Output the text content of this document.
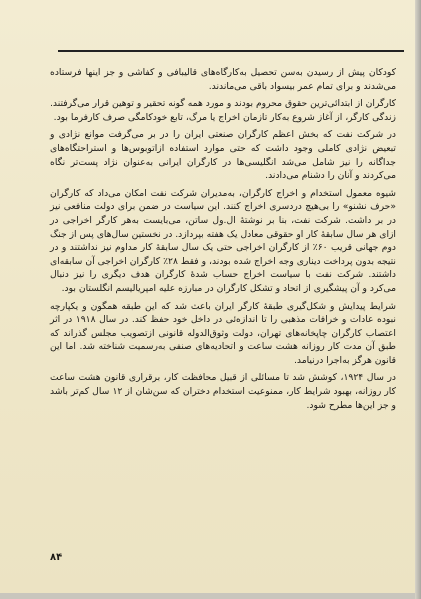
کودکان پیش از رسیدن به‌سن تحصیل به‌کارگاه‌های قالیبافی و کفاشی و جز اینها فرستاده می‌شدند و برای تمام عمر بیسواد باقی می‌ماندند.

کارگران از ابتدائی‌ترین حقوق محروم بودند و مورد همه گونه تحقیر و توهین قرار می‌گرفتند. زندگی کارگر، از آغاز شروع به‌کار تازمان اخراج یا مرگ، تابع خودکامگی صرف کارفرما بود.

در شرکت نفت که بخش اعظم کارگران صنعتی ایران را در بر می‌گرفت موانع نژادی و تبعیض نژادی کاملی وجود داشت که حتی موارد استفاده ازاتوبوس‌ها و استراحتگاه‌های جداگانه را نیز شامل می‌شد انگلیسی‌ها در کارگران ایرانی به‌عنوان نژاد پست‌تر نگاه می‌کردند و آنان را دشنام می‌دادند.

شیوه معمول استخدام و اخراج کارگران، به‌مدیران شرکت نفت امکان می‌داد که کارگران «حرف نشنو» را بی‌هیچ دردسری اخراج کنند. این سیاست در ضمن برای دولت منافعی نیز در بر داشت. شرکت نفت، بنا بر نوشتهٔ ال.ول ساتن، می‌بایست به‌هر کارگر اخراجی در ازای هر سال سابقهٔ کار او حقوقی معادل یک هفته بپردازد. در نخستین سال‌های پس از جنگ دوم جهانی قریب ۶۰٪ از کارگران اخراجی حتی یک سال سابقهٔ کار مداوم نیز نداشتند و در نتیجه بدون پرداخت دیناری وجه اخراج شده بودند، و فقط ۲۸٪ کارگران اخراجی آن سابقه‌ای داشتند. شرکت نفت با سیاست اخراج حساب شدهٔ کارگران هدف دیگری را نیز دنبال می‌کرد و آن پیشگیری از اتحاد و تشکل کارگران در مبارزه علیه امپریالیسم انگلستان بود.

شرایط پیدایش و شکل‌گیری طبقهٔ کارگر ایران باعث شد که این طبقه همگون و یکپارچه نبوده عادات و خرافات مذهبی را تا اندازه‌ئی در داخل خود حفظ کند. در سال ۱۹۱۸ در اثر اعتصاب کارگران چاپخانه‌های تهران، دولت وثوق‌الدوله قانونی ازتصویب مجلس گذراند که طبق آن مدت کار روزانه هشت ساعت و اتحادیه‌های صنفی به‌رسمیت شناخته شد. اما این قانون هرگز به‌اجرا درنیامد.

در سال ۱۹۲۴، کوشش شد تا مسائلی از قبیل محافظت کار، برقراری قانون هشت ساعت کار روزانه، بهبود شرایط کار، ممنوعیت استخدام دختران که سن‌شان از ۱۲ سال کم‌تر باشد و جز این‌ها مطرح شود.

۸۴
